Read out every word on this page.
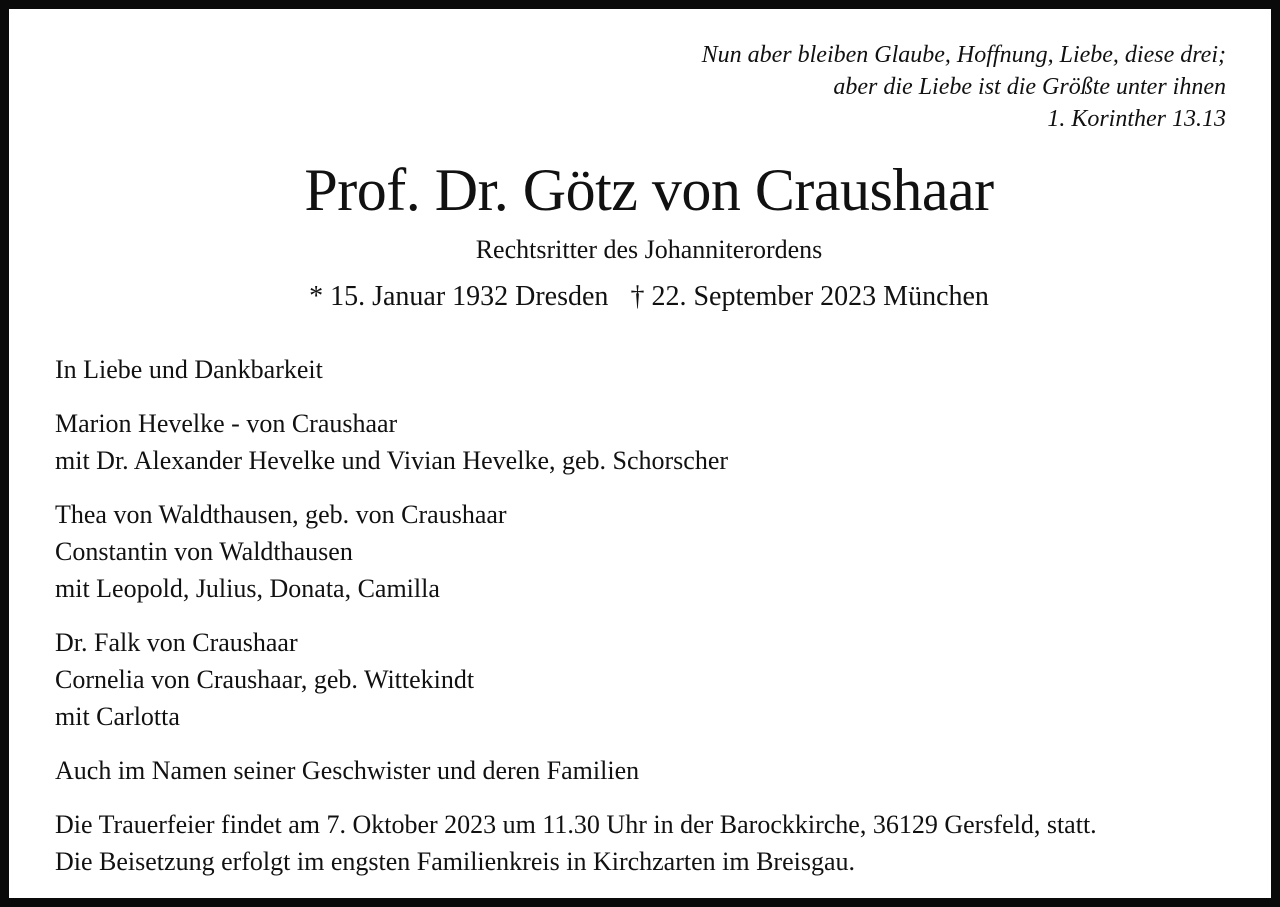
Nun aber bleiben Glaube, Hoffnung, Liebe, diese drei;
aber die Liebe ist die Größte unter ihnen
1. Korinther 13.13
Prof. Dr. Götz von Craushaar
Rechtsritter des Johanniterordens
* 15. Januar 1932 Dresden † 22. September 2023 München
In Liebe und Dankbarkeit
Marion Hevelke - von Craushaar
mit Dr. Alexander Hevelke und Vivian Hevelke, geb. Schorscher
Thea von Waldthausen, geb. von Craushaar
Constantin von Waldthausen
mit Leopold, Julius, Donata, Camilla
Dr. Falk von Craushaar
Cornelia von Craushaar, geb. Wittekindt
mit Carlotta
Auch im Namen seiner Geschwister und deren Familien
Die Trauerfeier findet am 7. Oktober 2023 um 11.30 Uhr in der Barockkirche, 36129 Gersfeld, statt.
Die Beisetzung erfolgt im engsten Familienkreis in Kirchzarten im Breisgau.
